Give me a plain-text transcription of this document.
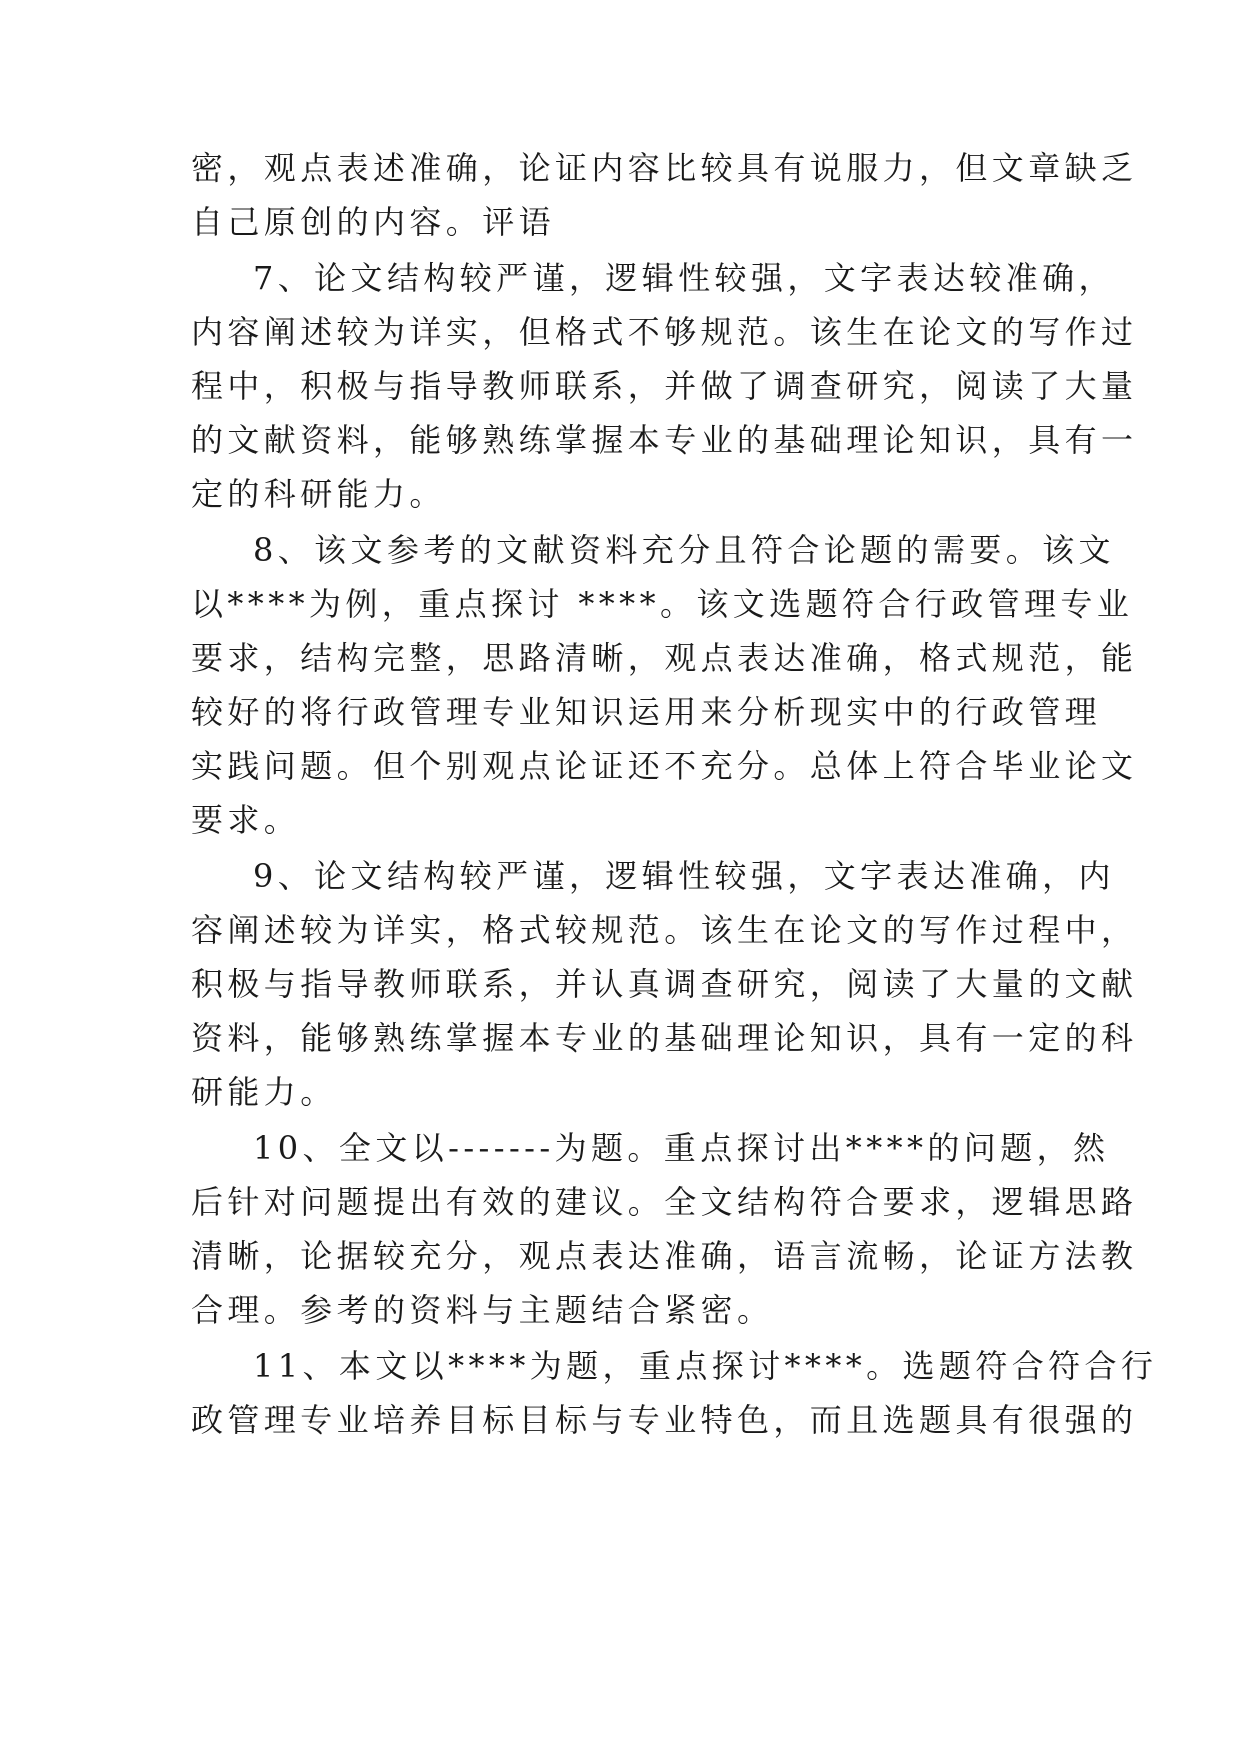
密，观点表述准确，论证内容比较具有说服力，但文章缺乏
自己原创的内容。评语
7、论文结构较严谨，逻辑性较强，文字表达较准确，
内容阐述较为详实，但格式不够规范。该生在论文的写作过
程中，积极与指导教师联系，并做了调查研究，阅读了大量
的文献资料，能够熟练掌握本专业的基础理论知识，具有一
定的科研能力。
8、该文参考的文献资料充分且符合论题的需要。该文
以****为例，重点探讨 ****。该文选题符合行政管理专业
要求，结构完整，思路清晰，观点表达准确，格式规范，能
较好的将行政管理专业知识运用来分析现实中的行政管理
实践问题。但个别观点论证还不充分。总体上符合毕业论文
要求。
9、论文结构较严谨，逻辑性较强，文字表达准确，内
容阐述较为详实，格式较规范。该生在论文的写作过程中，
积极与指导教师联系，并认真调查研究，阅读了大量的文献
资料，能够熟练掌握本专业的基础理论知识，具有一定的科
研能力。
10、全文以-------为题。重点探讨出****的问题，然
后针对问题提出有效的建议。全文结构符合要求，逻辑思路
清晰，论据较充分，观点表达准确，语言流畅，论证方法教
合理。参考的资料与主题结合紧密。
11、本文以****为题，重点探讨****。选题符合符合行
政管理专业培养目标目标与专业特色，而且选题具有很强的
